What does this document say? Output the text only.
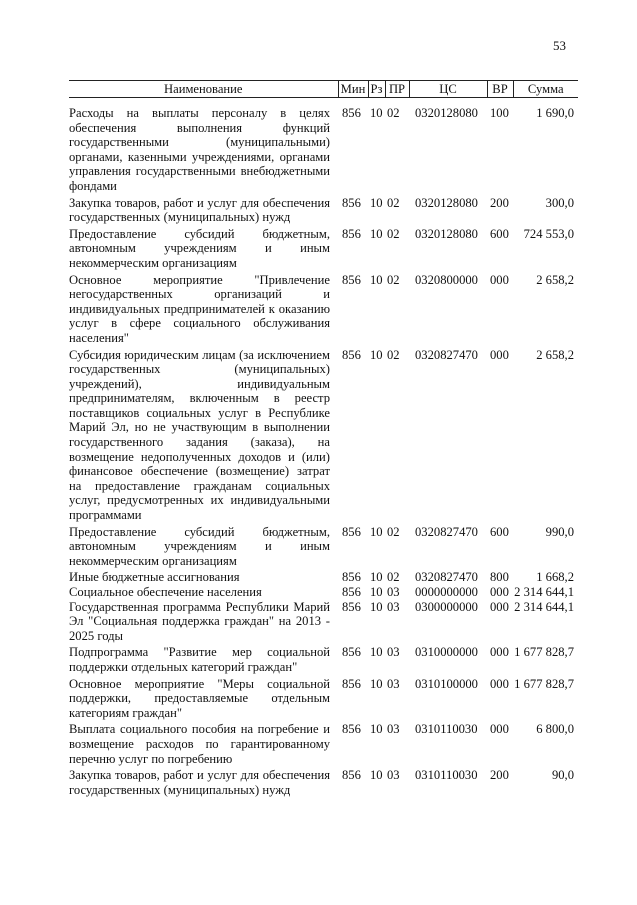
53
Наименование	Мин	Рз	ПР	ЦС	ВР	Сумма

Расходы на выплаты персоналу в целях обеспечения выполнения функций государственными (муниципальными) органами, казенными учреждениями, органами управления государственными внебюджетными фондами	856	10	02	0320128080	100	1 690,0
Закупка товаров, работ и услуг для обеспечения государственных (муниципальных) нужд	856	10	02	0320128080	200	300,0
Предоставление субсидий бюджетным, автономным учреждениям и иным некоммерческим организациям	856	10	02	0320128080	600	724 553,0
Основное мероприятие "Привлечение негосударственных организаций и индивидуальных предпринимателей к оказанию услуг в сфере социального обслуживания населения"	856	10	02	0320800000	000	2 658,2
Субсидия юридическим лицам (за исключением государственных (муниципальных) учреждений), индивидуальным предпринимателям, включенным в реестр поставщиков социальных услуг в Республике Марий Эл, но не участвующим в выполнении государственного задания (заказа), на возмещение недополученных доходов и (или) финансовое обеспечение (возмещение) затрат на предоставление гражданам социальных услуг, предусмотренных их индивидуальными программами	856	10	02	0320827470	000	2 658,2
Предоставление субсидий бюджетным, автономным учреждениям и иным некоммерческим организациям	856	10	02	0320827470	600	990,0
Иные бюджетные ассигнования	856	10	02	0320827470	800	1 668,2
Социальное обеспечение населения	856	10	03	0000000000	000	2 314 644,1
Государственная программа Республики Марий Эл "Социальная поддержка граждан" на 2013 - 2025 годы	856	10	03	0300000000	000	2 314 644,1
Подпрограмма "Развитие мер социальной поддержки отдельных категорий граждан"	856	10	03	0310000000	000	1 677 828,7
Основное мероприятие "Меры социальной поддержки, предоставляемые отдельным категориям граждан"	856	10	03	0310100000	000	1 677 828,7
Выплата социального пособия на погребение и возмещение расходов по гарантированному перечню услуг по погребению	856	10	03	0310110030	000	6 800,0
Закупка товаров, работ и услуг для обеспечения государственных (муниципальных) нужд	856	10	03	0310110030	200	90,0
